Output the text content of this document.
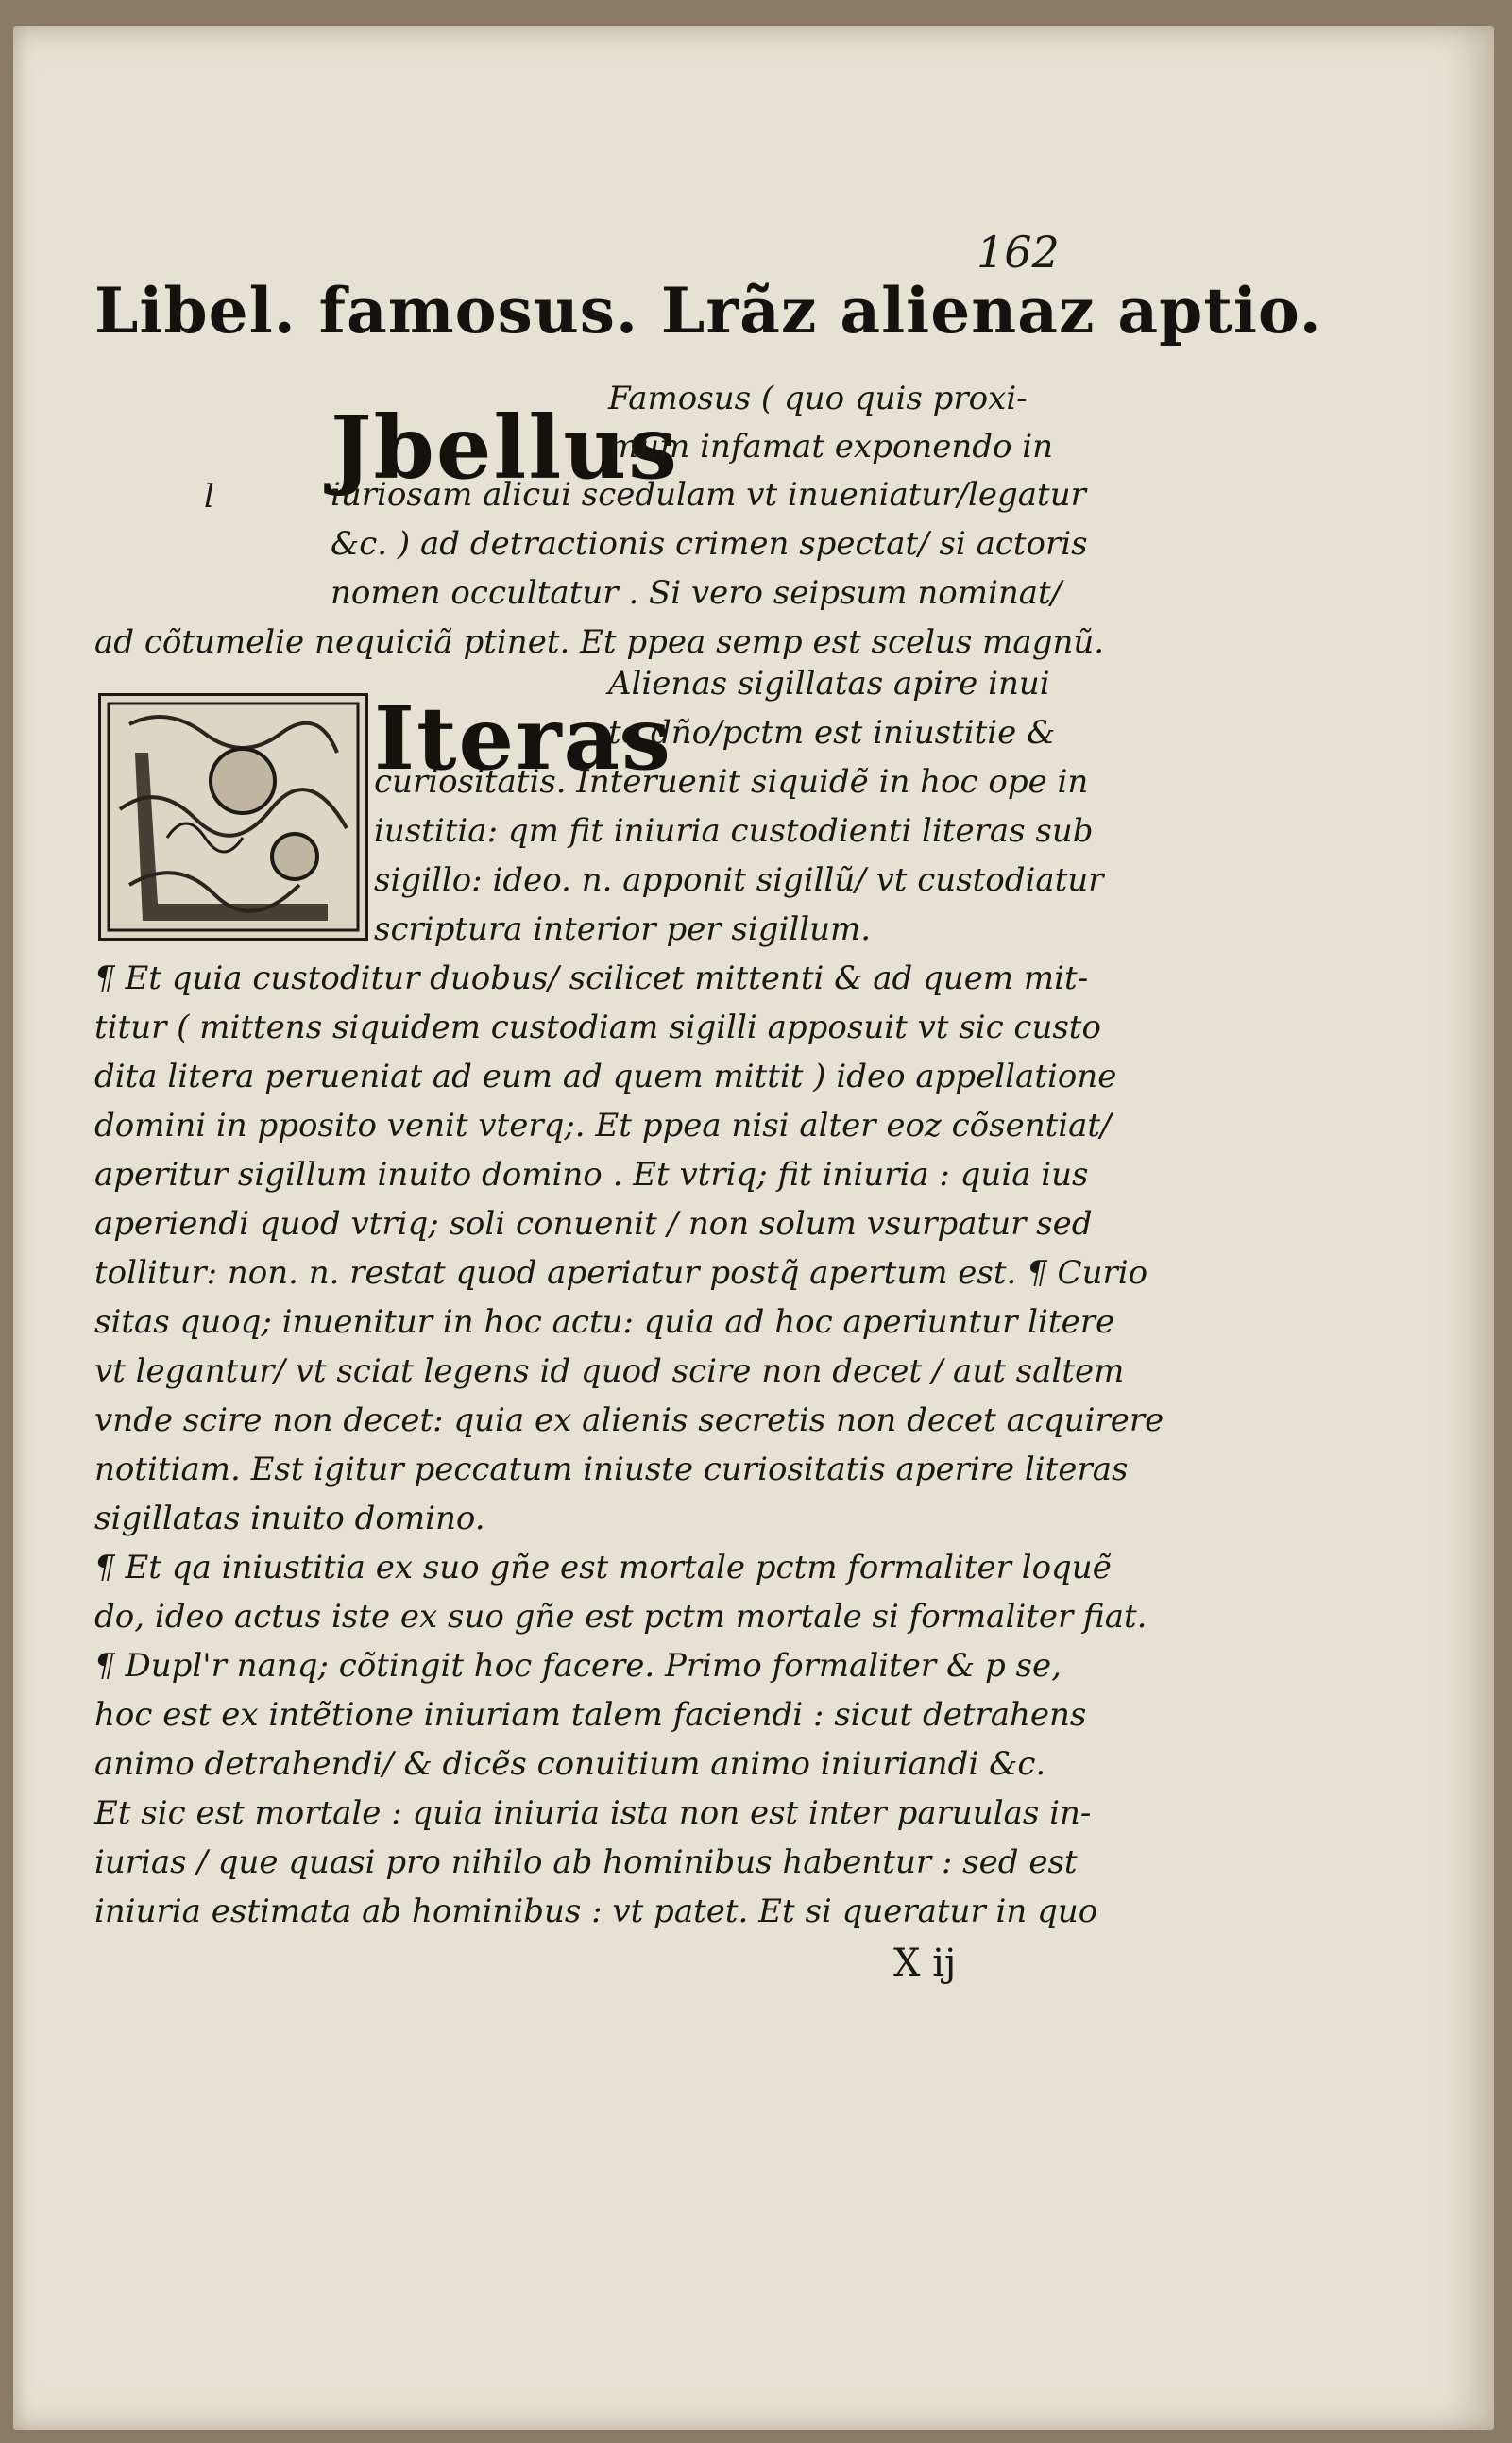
162
Libel. famosus. Lrãz alienaz aptio.
Jbellus
Famosus ( quo quis proxi-
mum infamat exponendo in
l	iuriosam alicui scedulam vt inueniatur/legatur
&c. ) ad detractionis crimen spectat/ si actoris
nomen occultatur . Si vero seipsum nominat/
ad cõtumelie nequiciã ptinet. Et ppea semp est scelus magnũ.
Iteras
Alienas sigillatas apire inui
to dño/pctm est iniustitie &
curiositatis. Interuenit siquidẽ in hoc ope in
iustitia: qm fit iniuria custodienti literas sub
sigillo: ideo. n. apponit sigillũ/ vt custodiatur
scriptura interior per sigillum.
¶ Et quia custoditur duobus/ scilicet mittenti & ad quem mit-
titur ( mittens siquidem custodiam sigilli apposuit vt sic custo
dita litera perueniat ad eum ad quem mittit ) ideo appellatione
domini in pposito venit vterq;. Et ppea nisi alter eoz cõsentiat/
aperitur sigillum inuito domino . Et vtriq; fit iniuria : quia ius
aperiendi quod vtriq; soli conuenit / non solum vsurpatur sed
tollitur: non. n. restat quod aperiatur postq̃ apertum est. ¶ Curio
sitas quoq; inuenitur in hoc actu: quia ad hoc aperiuntur litere
vt legantur/ vt sciat legens id quod scire non decet / aut saltem
vnde scire non decet: quia ex alienis secretis non decet acquirere
notitiam. Est igitur peccatum iniuste curiositatis aperire literas
sigillatas inuito domino.
¶ Et qa iniustitia ex suo gñe est mortale pctm formaliter loquẽ
do, ideo actus iste ex suo gñe est pctm mortale si formaliter fiat.
¶ Dupl'r nanq; cõtingit hoc facere. Primo formaliter & p se,
hoc est ex intẽtione iniuriam talem faciendi : sicut detrahens
animo detrahendi/ & dicẽs conuitium animo iniuriandi &c.
Et sic est mortale : quia iniuria ista non est inter paruulas in-
iurias / que quasi pro nihilo ab hominibus habentur : sed est
iniuria estimata ab hominibus : vt patet. Et si queratur in quo
X ij
